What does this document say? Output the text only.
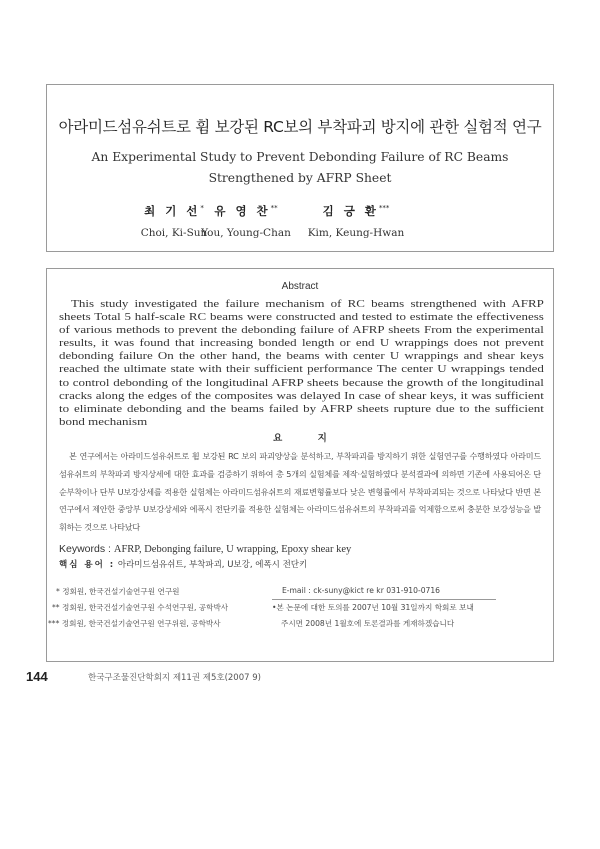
아라미드섬유쉬트로 휨 보강된 RC보의 부착파괴 방지에 관한 실험적 연구
An Experimental Study to Prevent Debonding Failure of RC Beams
Strengthened by AFRP Sheet
최 기 선*
Choi, Ki-Sun
유 영 찬**
You, Young-Chan
김 긍 환***
Kim, Keung-Hwan
Abstract
This study investigated the failure mechanism of RC beams strengthened with AFRP sheets Total 5 half-scale RC beams were constructed and tested to estimate the effectiveness of various methods to prevent the debonding failure of AFRP sheets From the experimental results, it was found that increasing bonded length or end U wrappings does not prevent debonding failure On the other hand, the beams with center U wrappings and shear keys reached the ultimate state with their sufficient performance The center U wrappings tended to control debonding of the longitudinal AFRP sheets because the growth of the longitudinal cracks along the edges of the composites was delayed In case of shear keys, it was sufficient to eliminate debonding and the beams failed by AFRP sheets rupture due to the sufficient bond mechanism
요 지
본 연구에서는 아라미드섬유쉬트로 휨 보강된 RC 보의 파괴양상을 분석하고, 부착파괴를 방지하기 위한 실험연구를 수행하였다 아라미드섬유쉬트의 부착파괴 방지상세에 대한 효과를 검증하기 위하여 총 5개의 실험체를 제작·실험하였다 분석결과에 의하면 기존에 사용되어온 단순부착이나 단부 U보강상세를 적용한 실험체는 아라미드섬유쉬트의 재료변형률보다 낮은 변형률에서 부착파괴되는 것으로 나타났다 반면 본 연구에서 제안한 중앙부 U보강상세와 에폭시 전단키를 적용한 실험체는 아라미드섬유쉬트의 부착파괴를 억제함으로써 충분한 보강성능을 발휘하는 것으로 나타났다
Keywords : AFRP, Debonging failure, U wrapping, Epoxy shear key
핵심 용어 : 아라미드섬유쉬트, 부착파괴, U보강, 에폭시 전단키
* 정회원, 한국건설기술연구원 연구원
** 정회원, 한국건설기술연구원 수석연구원, 공학박사
*** 정회원, 한국건설기술연구원 연구위원, 공학박사
E-mail : ck-suny@kict re kr 031-910-0716
•본 논문에 대한 토의를 2007년 10월 31일까지 학회로 보내
주시면 2008년 1월호에 토론결과를 게재하겠습니다
144	한국구조물진단학회지 제11권 제5호(2007 9)
